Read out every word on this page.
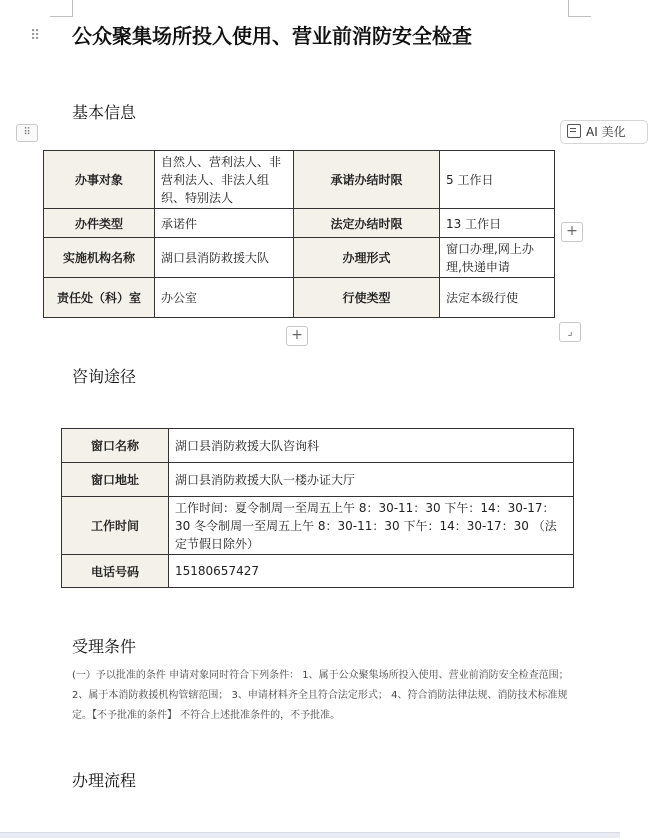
⠿ 公众聚集场所投入使用、营业前消防安全检查
基本信息
⠿	AI 美化
办事对象	自然人、营利法人、非营利法人、非法人组织、特别法人	承诺办结时限	5 工作日
办件类型	承诺件	法定办结时限	13 工作日
实施机构名称	湖口县消防救援大队	办理形式	窗口办理,网上办理,快递申请
责任处（科）室	办公室	行使类型	法定本级行使
+
+	⌟
咨询途径
窗口名称	湖口县消防救援大队咨询科
窗口地址	湖口县消防救援大队一楼办证大厅
工作时间	工作时间：夏令制周一至周五上午 8：30-11：30 下午：14：30-17：30 冬令制周一至周五上午 8：30-11：30 下午：14：30-17：30 （法定节假日除外）
电话号码	15180657427
受理条件

(一）予以批准的条件 申请对象同时符合下列条件： 1、属于公众聚集场所投入使用、营业前消防安全检查范围； 2、属于本消防救援机构管辖范围； 3、申请材料齐全且符合法定形式； 4、符合消防法律法规、消防技术标准规定。【不予批准的条件】 不符合上述批准条件的，不予批准。

办理流程
